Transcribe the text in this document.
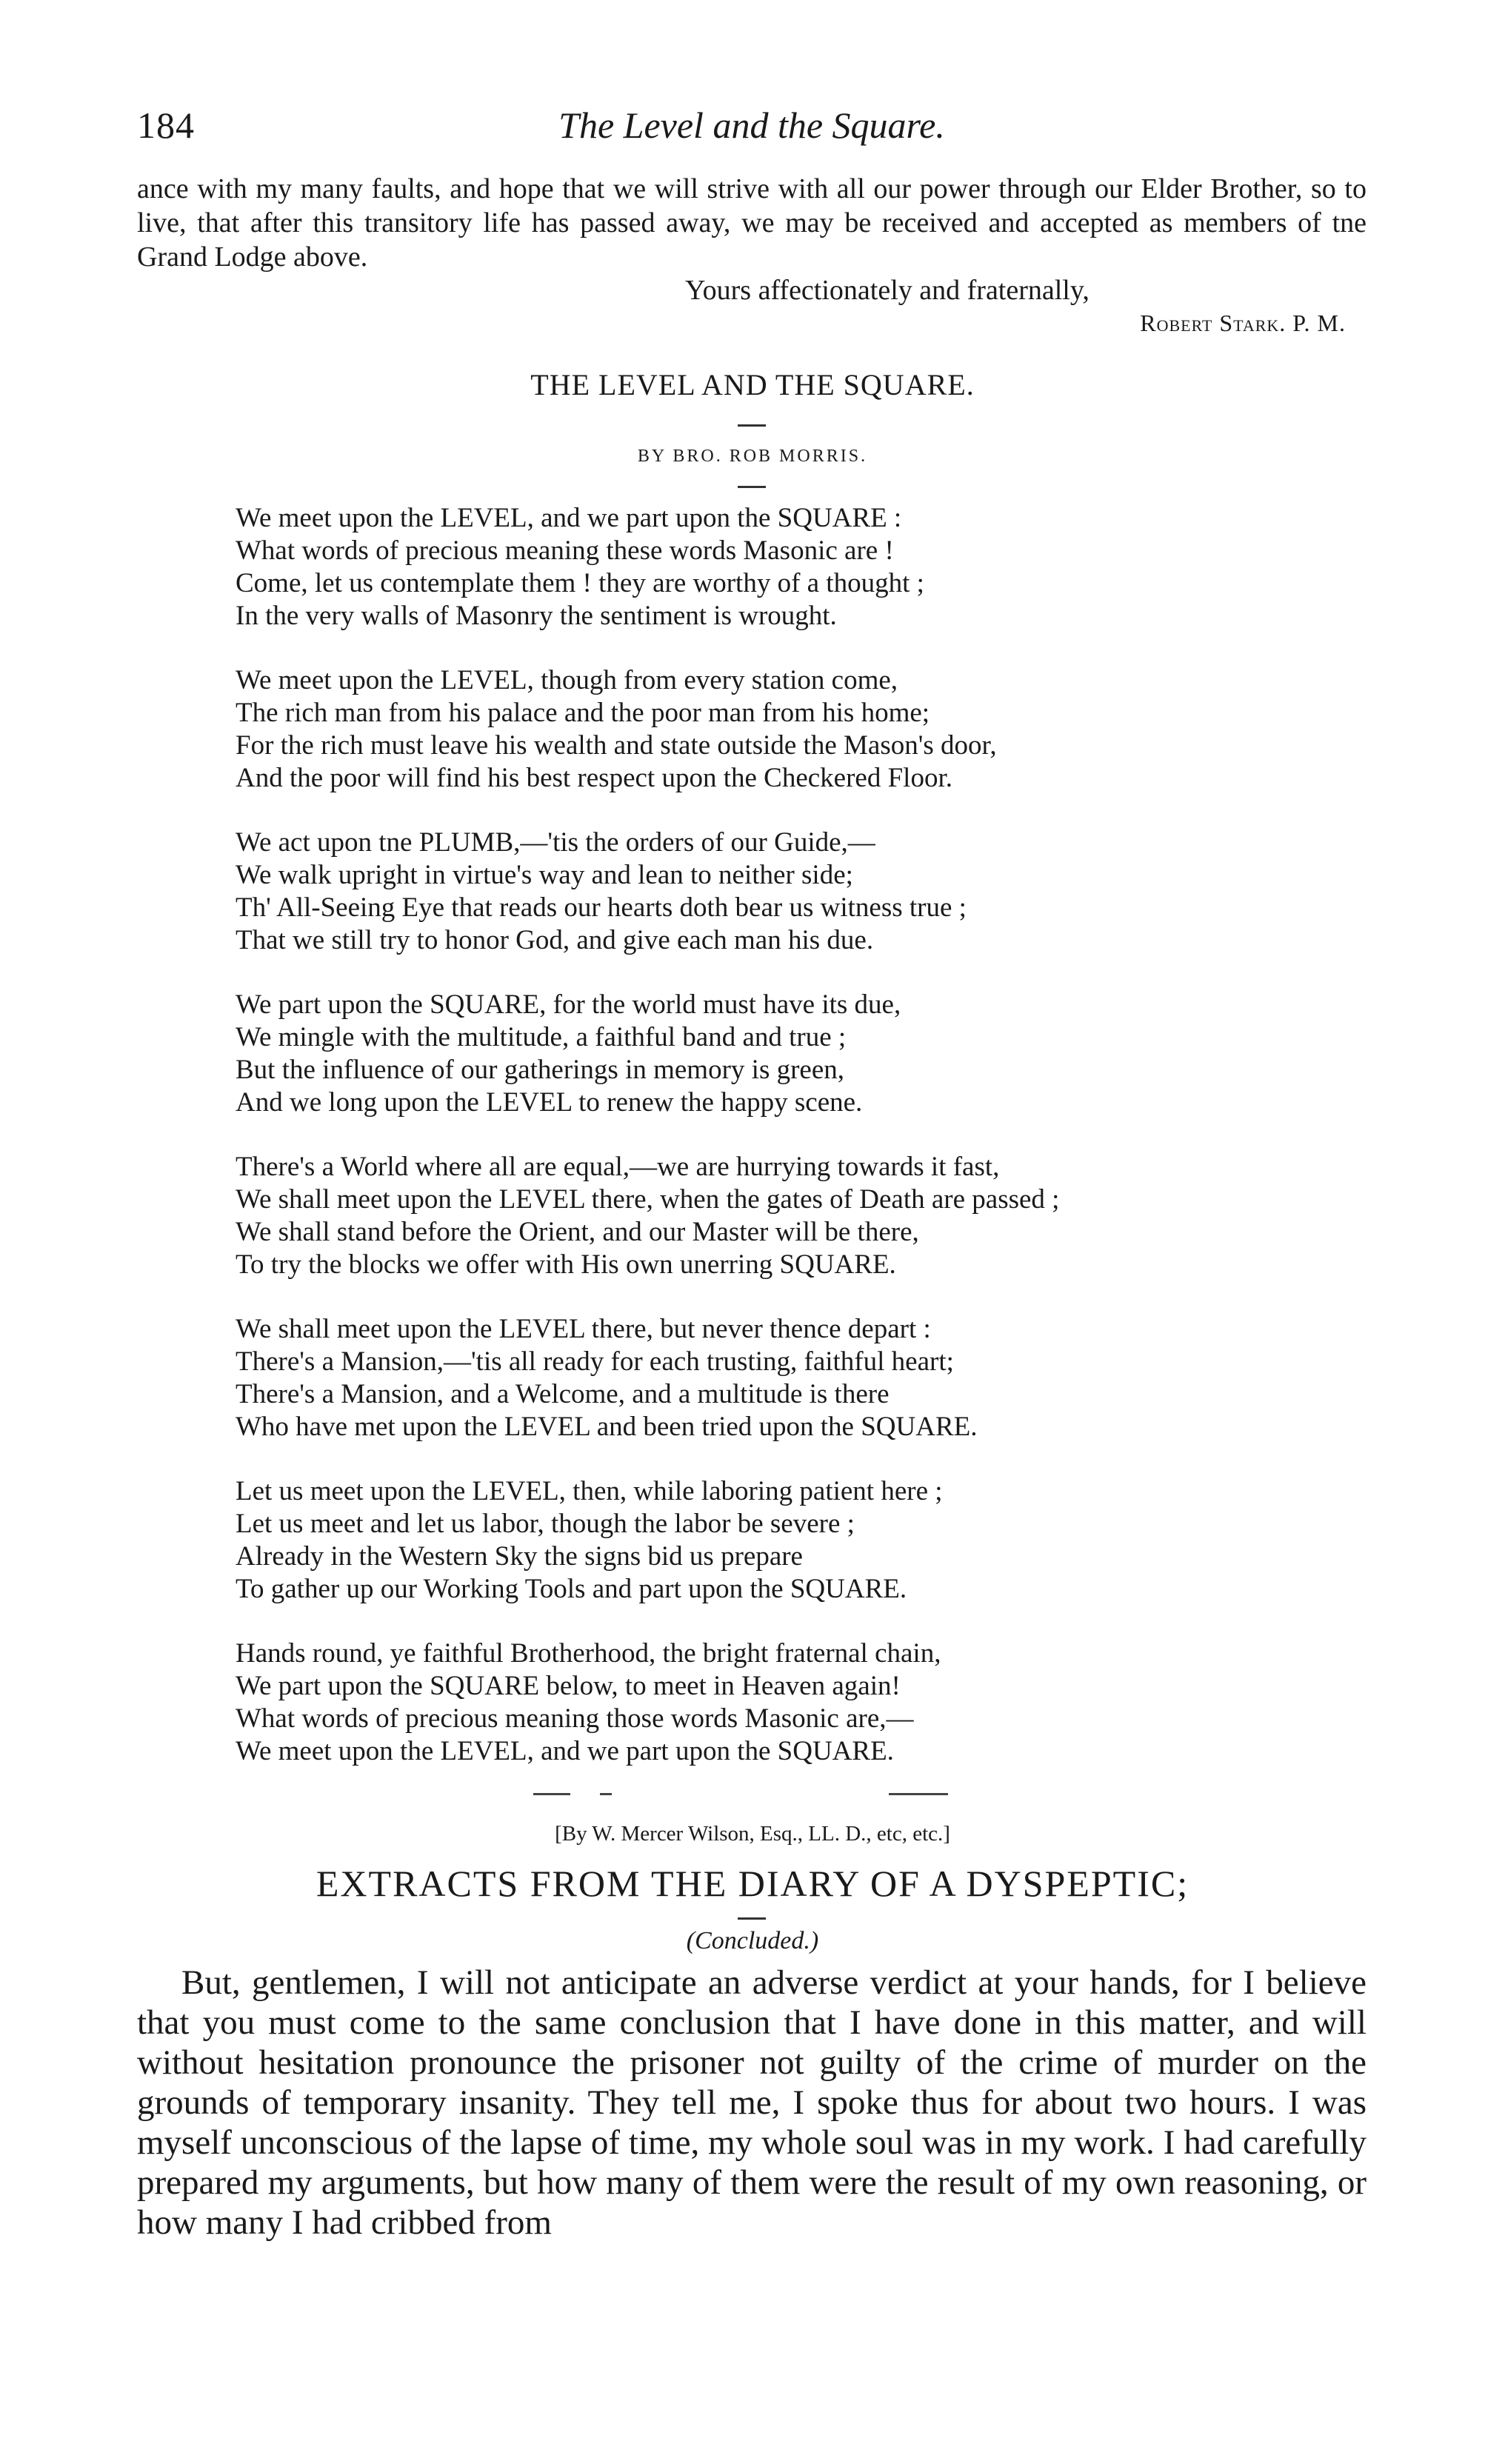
184	The Level and the Square.

ance with my many faults, and hope that we will strive with all our power through our Elder Brother, so to live, that after this transitory life has passed away, we may be received and accepted as members of tne Grand Lodge above.

Yours affectionately and fraternally,
Robert Stark. P. M.
THE LEVEL AND THE SQUARE.
BY BRO. ROB MORRIS.
We meet upon the LEVEL, and we part upon the SQUARE :
What words of precious meaning these words Masonic are !
Come, let us contemplate them ! they are worthy of a thought ;
In the very walls of Masonry the sentiment is wrought.
We meet upon the LEVEL, though from every station come,
The rich man from his palace and the poor man from his home;
For the rich must leave his wealth and state outside the Mason's door,
And the poor will find his best respect upon the Checkered Floor.
We act upon tne PLUMB,—'tis the orders of our Guide,—
We walk upright in virtue's way and lean to neither side;
Th' All-Seeing Eye that reads our hearts doth bear us witness true ;
That we still try to honor God, and give each man his due.
We part upon the SQUARE, for the world must have its due,
We mingle with the multitude, a faithful band and true ;
But the influence of our gatherings in memory is green,
And we long upon the LEVEL to renew the happy scene.
There's a World where all are equal,—we are hurrying towards it fast,
We shall meet upon the LEVEL there, when the gates of Death are passed ;
We shall stand before the Orient, and our Master will be there,
To try the blocks we offer with His own unerring SQUARE.
We shall meet upon the LEVEL there, but never thence depart :
There's a Mansion,—'tis all ready for each trusting, faithful heart;
There's a Mansion, and a Welcome, and a multitude is there
Who have met upon the LEVEL and been tried upon the SQUARE.
Let us meet upon the LEVEL, then, while laboring patient here ;
Let us meet and let us labor, though the labor be severe ;
Already in the Western Sky the signs bid us prepare
To gather up our Working Tools and part upon the SQUARE.
Hands round, ye faithful Brotherhood, the bright fraternal chain,
We part upon the SQUARE below, to meet in Heaven again!
What words of precious meaning those words Masonic are,—
We meet upon the LEVEL, and we part upon the SQUARE.
[By W. Mercer Wilson, Esq., LL. D., etc, etc.]
EXTRACTS FROM THE DIARY OF A DYSPEPTIC;
(Concluded.)

But, gentlemen, I will not anticipate an adverse verdict at your hands, for I believe that you must come to the same conclusion that I have done in this matter, and will without hesitation pronounce the prisoner not guilty of the crime of murder on the grounds of temporary insanity. They tell me, I spoke thus for about two hours. I was myself unconscious of the lapse of time, my whole soul was in my work. I had carefully prepared my arguments, but how many of them were the result of my own reasoning, or how many I had cribbed from
